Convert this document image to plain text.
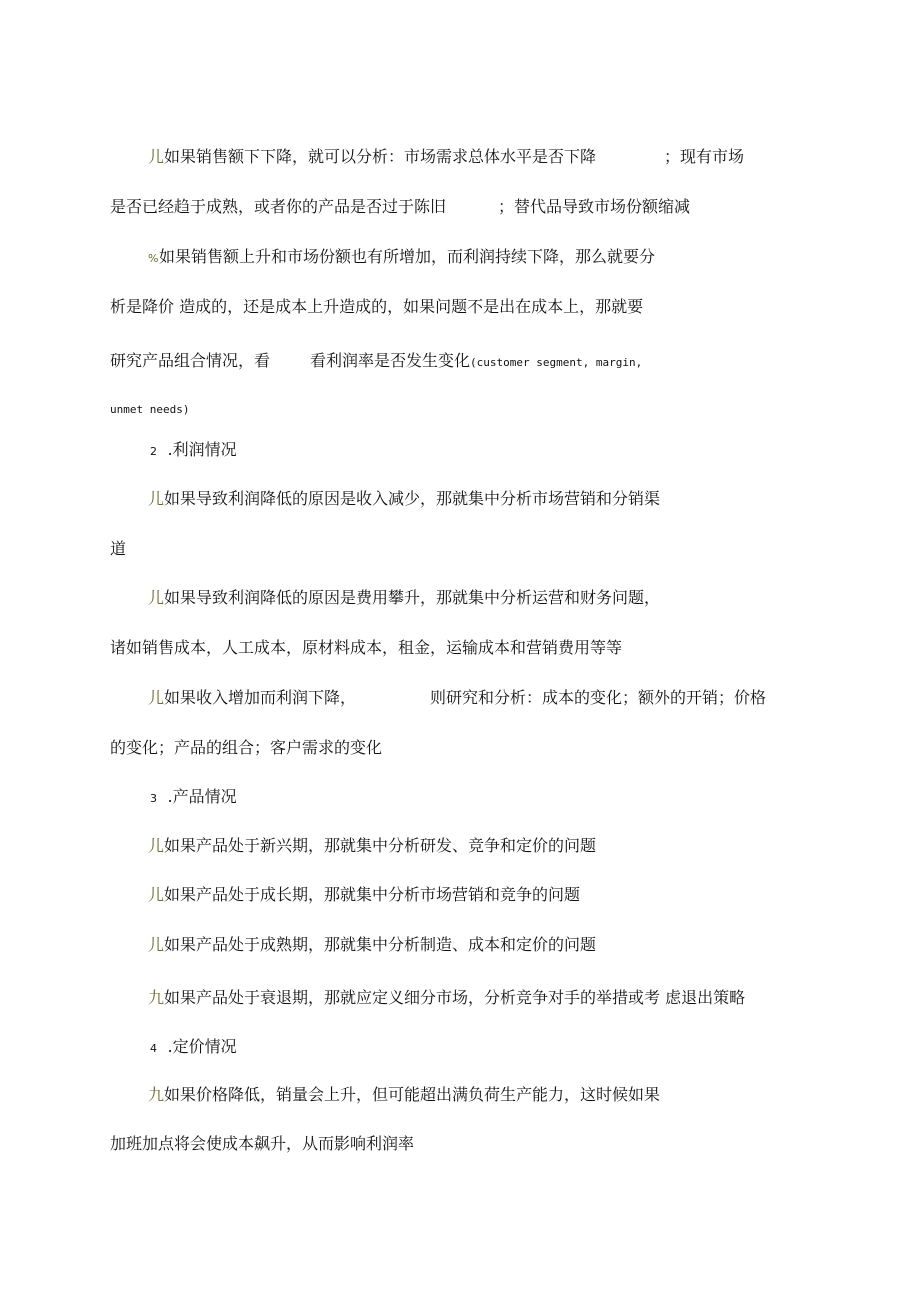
儿如果销售额下下降，就可以分析：市场需求总体水平是否下降	；现有市场
是否已经趋于成熟，或者你的产品是否过于陈旧	；替代品导致市场份额缩减
%如果销售额上升和市场份额也有所增加，而利润持续下降，那么就要分
析是降价 造成的，还是成本上升造成的，如果问题不是出在成本上，那就要
研究产品组合情况，看	看利润率是否发生变化(customer segment, margin,
unmet needs)
2 .利润情况
儿如果导致利润降低的原因是收入减少，那就集中分析市场营销和分销渠
道
儿如果导致利润降低的原因是费用攀升，那就集中分析运营和财务问题，
诸如销售成本，人工成本，原材料成本，租金，运输成本和营销费用等等
儿如果收入增加而利润下降，	则研究和分析：成本的变化；额外的开销；价格
的变化；产品的组合；客户需求的变化
3 .产品情况
儿如果产品处于新兴期，那就集中分析研发、竞争和定价的问题
儿如果产品处于成长期，那就集中分析市场营销和竞争的问题
儿如果产品处于成熟期，那就集中分析制造、成本和定价的问题
九如果产品处于衰退期，那就应定义细分市场，分析竞争对手的举措或考 虑退出策略
4 .定价情况
九如果价格降低，销量会上升，但可能超出满负荷生产能力，这时候如果
加班加点将会使成本飙升，从而影响利润率
